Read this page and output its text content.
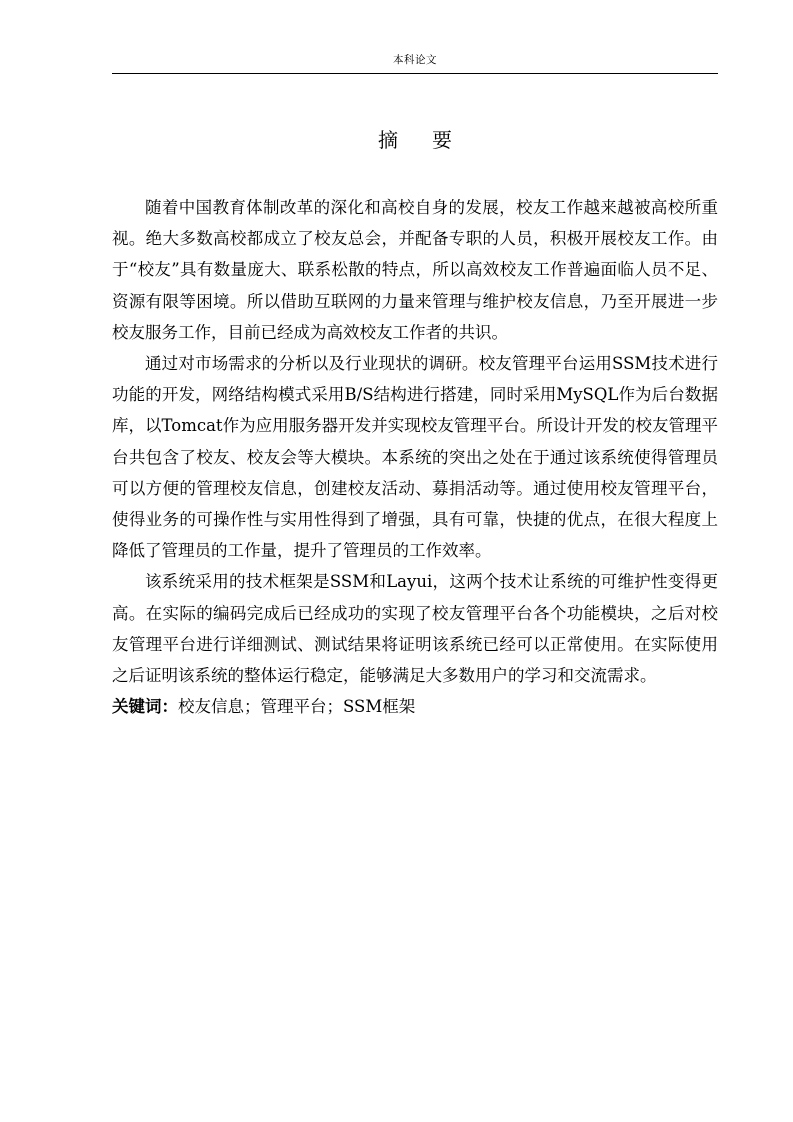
本科论文
摘要

随着中国教育体制改革的深化和高校自身的发展，校友工作越来越被高校所重视。绝大多数高校都成立了校友总会，并配备专职的人员，积极开展校友工作。由于“校友”具有数量庞大、联系松散的特点，所以高效校友工作普遍面临人员不足、资源有限等困境。所以借助互联网的力量来管理与维护校友信息，乃至开展进一步校友服务工作，目前已经成为高效校友工作者的共识。

通过对市场需求的分析以及行业现状的调研。校友管理平台运用SSM技术进行功能的开发，网络结构模式采用B/S结构进行搭建，同时采用MySQL作为后台数据库，以Tomcat作为应用服务器开发并实现校友管理平台。所设计开发的校友管理平台共包含了校友、校友会等大模块。本系统的突出之处在于通过该系统使得管理员可以方便的管理校友信息，创建校友活动、募捐活动等。通过使用校友管理平台，使得业务的可操作性与实用性得到了增强，具有可靠，快捷的优点，在很大程度上降低了管理员的工作量，提升了管理员的工作效率。

该系统采用的技术框架是SSM和Layui，这两个技术让系统的可维护性变得更高。在实际的编码完成后已经成功的实现了校友管理平台各个功能模块，之后对校友管理平台进行详细测试、测试结果将证明该系统已经可以正常使用。在实际使用之后证明该系统的整体运行稳定，能够满足大多数用户的学习和交流需求。

关键词：校友信息；管理平台；SSM框架
